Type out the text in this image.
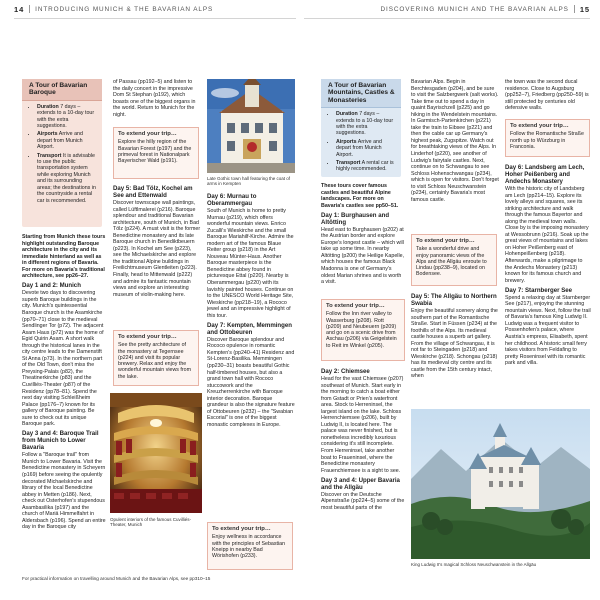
14 INTRODUCING MUNICH & THE BAVARIAN ALPS	DISCOVERING MUNICH AND THE BAVARIAN ALPS 15
A Tour of Bavarian Baroque
• Duration 7 days – extends to a 10-day tour with the extra suggestions.
• Airports Arrive and depart from Munich Airport.
• Transport It is advisable to use the public transportation system while exploring Munich and its surrounding areas; the destinations in the countryside a rental car is recommended.

Starting from Munich these tours highlight outstanding Baroque architecture in the city and its immediate hinterland as well as in different regions of Bavaria. For more on Bavaria's traditional architecture, see pp26–27.

Day 1 and 2: Munich

Devote two days to discovering superb Baroque buildings in the city. Munich's quintessential Baroque church is the Asamkirche (pp70–71) close to the medieval Sendlinger Tor (p72). The adjacent Asam Haus (p72) was the home of Egid Quirin Asam. A short walk through the historical lanes in the city centre leads to the Damenstift St Anna (p73). In the northern part of the Old Town, don't miss the Preysing-Palais (p82), the Theatinerkirche (p83) and the Cuvilliés-Theater (p87) of the Residenz (pp78–81). Spend the next day visiting Schleißheim Palace (pp176–7) known for its gallery of Baroque painting. Be sure to check out its unique Baroque park.

Day 3 and 4: Baroque Trail from Munich to Lower Bavaria

Follow a "Baroque trail" from Munich to Lower Bavaria. Visit the Benedictine monastery in Scheyern (p169) before seeing the opulently decorated Michaelskirche and library of the local Benedictine abbey in Metten (p186). Next, check out Osterhofen's stupendous Asambasilika (p197) and the church of Mariä Himmelfahrt in Aldersbach (p196). Spend an entire day in the Baroque city

of Passau (pp192–5) and listen to the daily concert in the impressive Dom St Stephan (p192), which boasts one of the biggest organs in the world. Return to Munich for the night.

To extend your trip…
Explore the hilly region of the Bavarian Forest (p197) and the primeval forest in Nationalpark Bayerischer Wald (p191).
Day 5: Bad Tölz, Kochel am See and Ettenwald

Discover townscape wall paintings, called Lüftlmalerei (p216). Baroque splendour and traditional Bavarian architecture, south of Munich, in Bad Tölz (p224). A must visit is the former Benedictine monastery and its late Baroque church in Benediktbeuern (p223). In Kochel am See (p223), see the Michaelskirche and explore the traditional Alpine buildings in Freilichtmuseum Glentleiten (p223). Finally, head to Mittenwald (p222) and admire its fantastic mountain views and explore an interesting museum of violin-making here.

To extend your trip…
See the pretty architecture of the monastery at Tegernsee (p224) and visit its popular brewery. Relax and enjoy the wonderful mountain views from the lake.
Opulent interiors of the famous Cuvilliés-Theater, Munich
Late Gothic town hall featuring the coat of arms in Kempten
Day 6: Murnau to Oberammergau

South of Munich is home to pretty Murnau (p219), which offers wonderful mountain views. Enrico Zucalli's Wieskirche and the small Baroque Mariahilf-Kirche. Admire the modern art of the famous Blaue Reiter group (p218) in the Art Nouveau Münter-Haus. Another Baroque masterpiece is the Benedictine abbey found in picturesque Ettal (p220). Nearby is Oberammergau (p220) with its lavishly painted houses. Continue on to the UNESCO World Heritage Site, Wieskirche (pp218–19), a Rococo jewel and an impressive highlight of this tour.

Day 7: Kempten, Memmingen and Ottobeuren

Discover Baroque splendour and Rococo opulence in romantic Kempten's (pp240–41) Residenz and St-Lorenz-Basilika. Memmingen (pp230–31) boasts beautiful Gothic half-timbered houses, but also a grand town hall with Rococo stuccowork and the Kreuzherrenkirche with Baroque interior decoration. Baroque grandeur is also the signature feature of Ottobeuren (p232) – the "Swabian Escorial" is one of the biggest monastic complexes in Europe.

To extend your trip…
Enjoy wellness in accordance with the principles of Sebastian Kneipp in nearby Bad Wörishofen (p233).
For practical information on travelling around Munich and the Bavarian Alps, see pp310–15
A Tour of Bavarian Mountains, Castles & Monasteries
• Duration 7 days – extends to a 10-day tour with the extra suggestions.
• Airports Arrive and depart from Munich Airport.
• Transport A rental car is highly recommended.

These tours cover famous castles and beautiful Alpine landscapes. For more on Bavaria's castles see pp50–51.

Day 1: Burghausen and Altötting

Head east to Burghausen (p202) at the Austrian border and explore Europe's longest castle – which will take up some time. In nearby Altötting (p200) the Heilige Kapelle, which houses the famous Black Madonna is one of Germany's oldest Marian shrines and is worth a visit.

To extend your trip…
Follow the Inn river valley to Wasserburg (p208). Rott (p209) and Neubeuern (p209) and go on a scenic drive from Aschau (p206) via Geigelstein to Reit im Winkel (p205).
Day 2: Chiemsee

Head for the vast Chiemsee (p207) southeast of Munich. Start early in the morning to catch a boat either from Gstadt or Prien's waterfront area. Stock to Herreninsel, the largest island on the lake. Schloss Herrenchiemsee (p206), built by Ludwig II, is located here. The palace was never finished, but is nonetheless incredibly luxurious considering it's still incomplete. From Herreninsel, take another boat to Fraueninsel, where the Benedictine monastery Frauenchiemsee is a sight to see.

Day 3 and 4: Upper Bavaria and the Allgäu

Discover on the Deutsche Alpenstraße (pp224–5) some of the most beautiful parts of the

Bavarian Alps. Begin in Berchtesgaden (p204), and be sure to visit the Salzbergwerk (salt works). Take time out to spend a day in quaint Bayrischzell (p225) and go hiking in the Wendelstein mountains. In Garmisch-Partenkirchen (p221) take the train to Eibsee (p221) and then the cable car up Germany's highest peak, Zugspitze. Watch out for breathtaking views of the Alps. In Linderhof (p220), see another of Ludwig's fairytale castles. Next, continue on to Schwangau to see Schloss Hohenschwangau (p234), which is open for visitors. Don't forget to visit Schloss Neuschwanstein (p234), certainly Bavaria's most famous castle.

To extend your trip…
Take a wonderful drive and enjoy panoramic views of the Alps and the Allgäu enroute to Lindau (pp238–9), located on Bodensee.
Day 5: The Allgäu to Northern Swabia

Enjoy the beautiful scenery along the southern part of the Romantische Straße. Start in Füssen (p234) at the foothills of the Alps. Its medieval castle houses a superb art gallery. From the village of Schwangau, it is not far to Steingaden (p218) and Wieskirche (p218). Schongau (p218) has its medieval city centre and its castle from the 15th century intact, when

King Ludwig II's magical Schloss Neuschwanstein in the Allgäu

the town was the second ducal residence. Close to Augsburg (pp252–7), Friedberg (pp250–59) is still protected by centuries old defensive walls.

To extend your trip…
Follow the Romantische Straße north up to Würzburg in Franconia.
Day 6: Landsberg am Lech, Hoher Peißenberg and Andechs Monastery

With the historic city of Landsberg am Lech (pp214–15). Explore its lovely alleys and squares, see its striking architecture and walk through the famous Bayertor and along the medieval town walls. Close by is the imposing monastery at Wessobrunn (p216). Soak up the great views of mountains and lakes on Hoher Peißenberg east of Hohenpeißenberg (p218). Afterwards, make a pilgrimage to the Andechs Monastery (p213) known for its famous church and brewery.

Day 7: Starnberger See

Spend a relaxing day at Starnberger See (p217), enjoying the stunning mountain views. Next, follow the trail of Bavaria's famous King Ludwig II. Ludwig was a frequent visitor to Possenhofen's palace, where Austria's empress, Elisabeth, spent her childhood. A historic small ferry takes visitors from Feldafing to pretty Roseninsel with its romantic park and villa.
